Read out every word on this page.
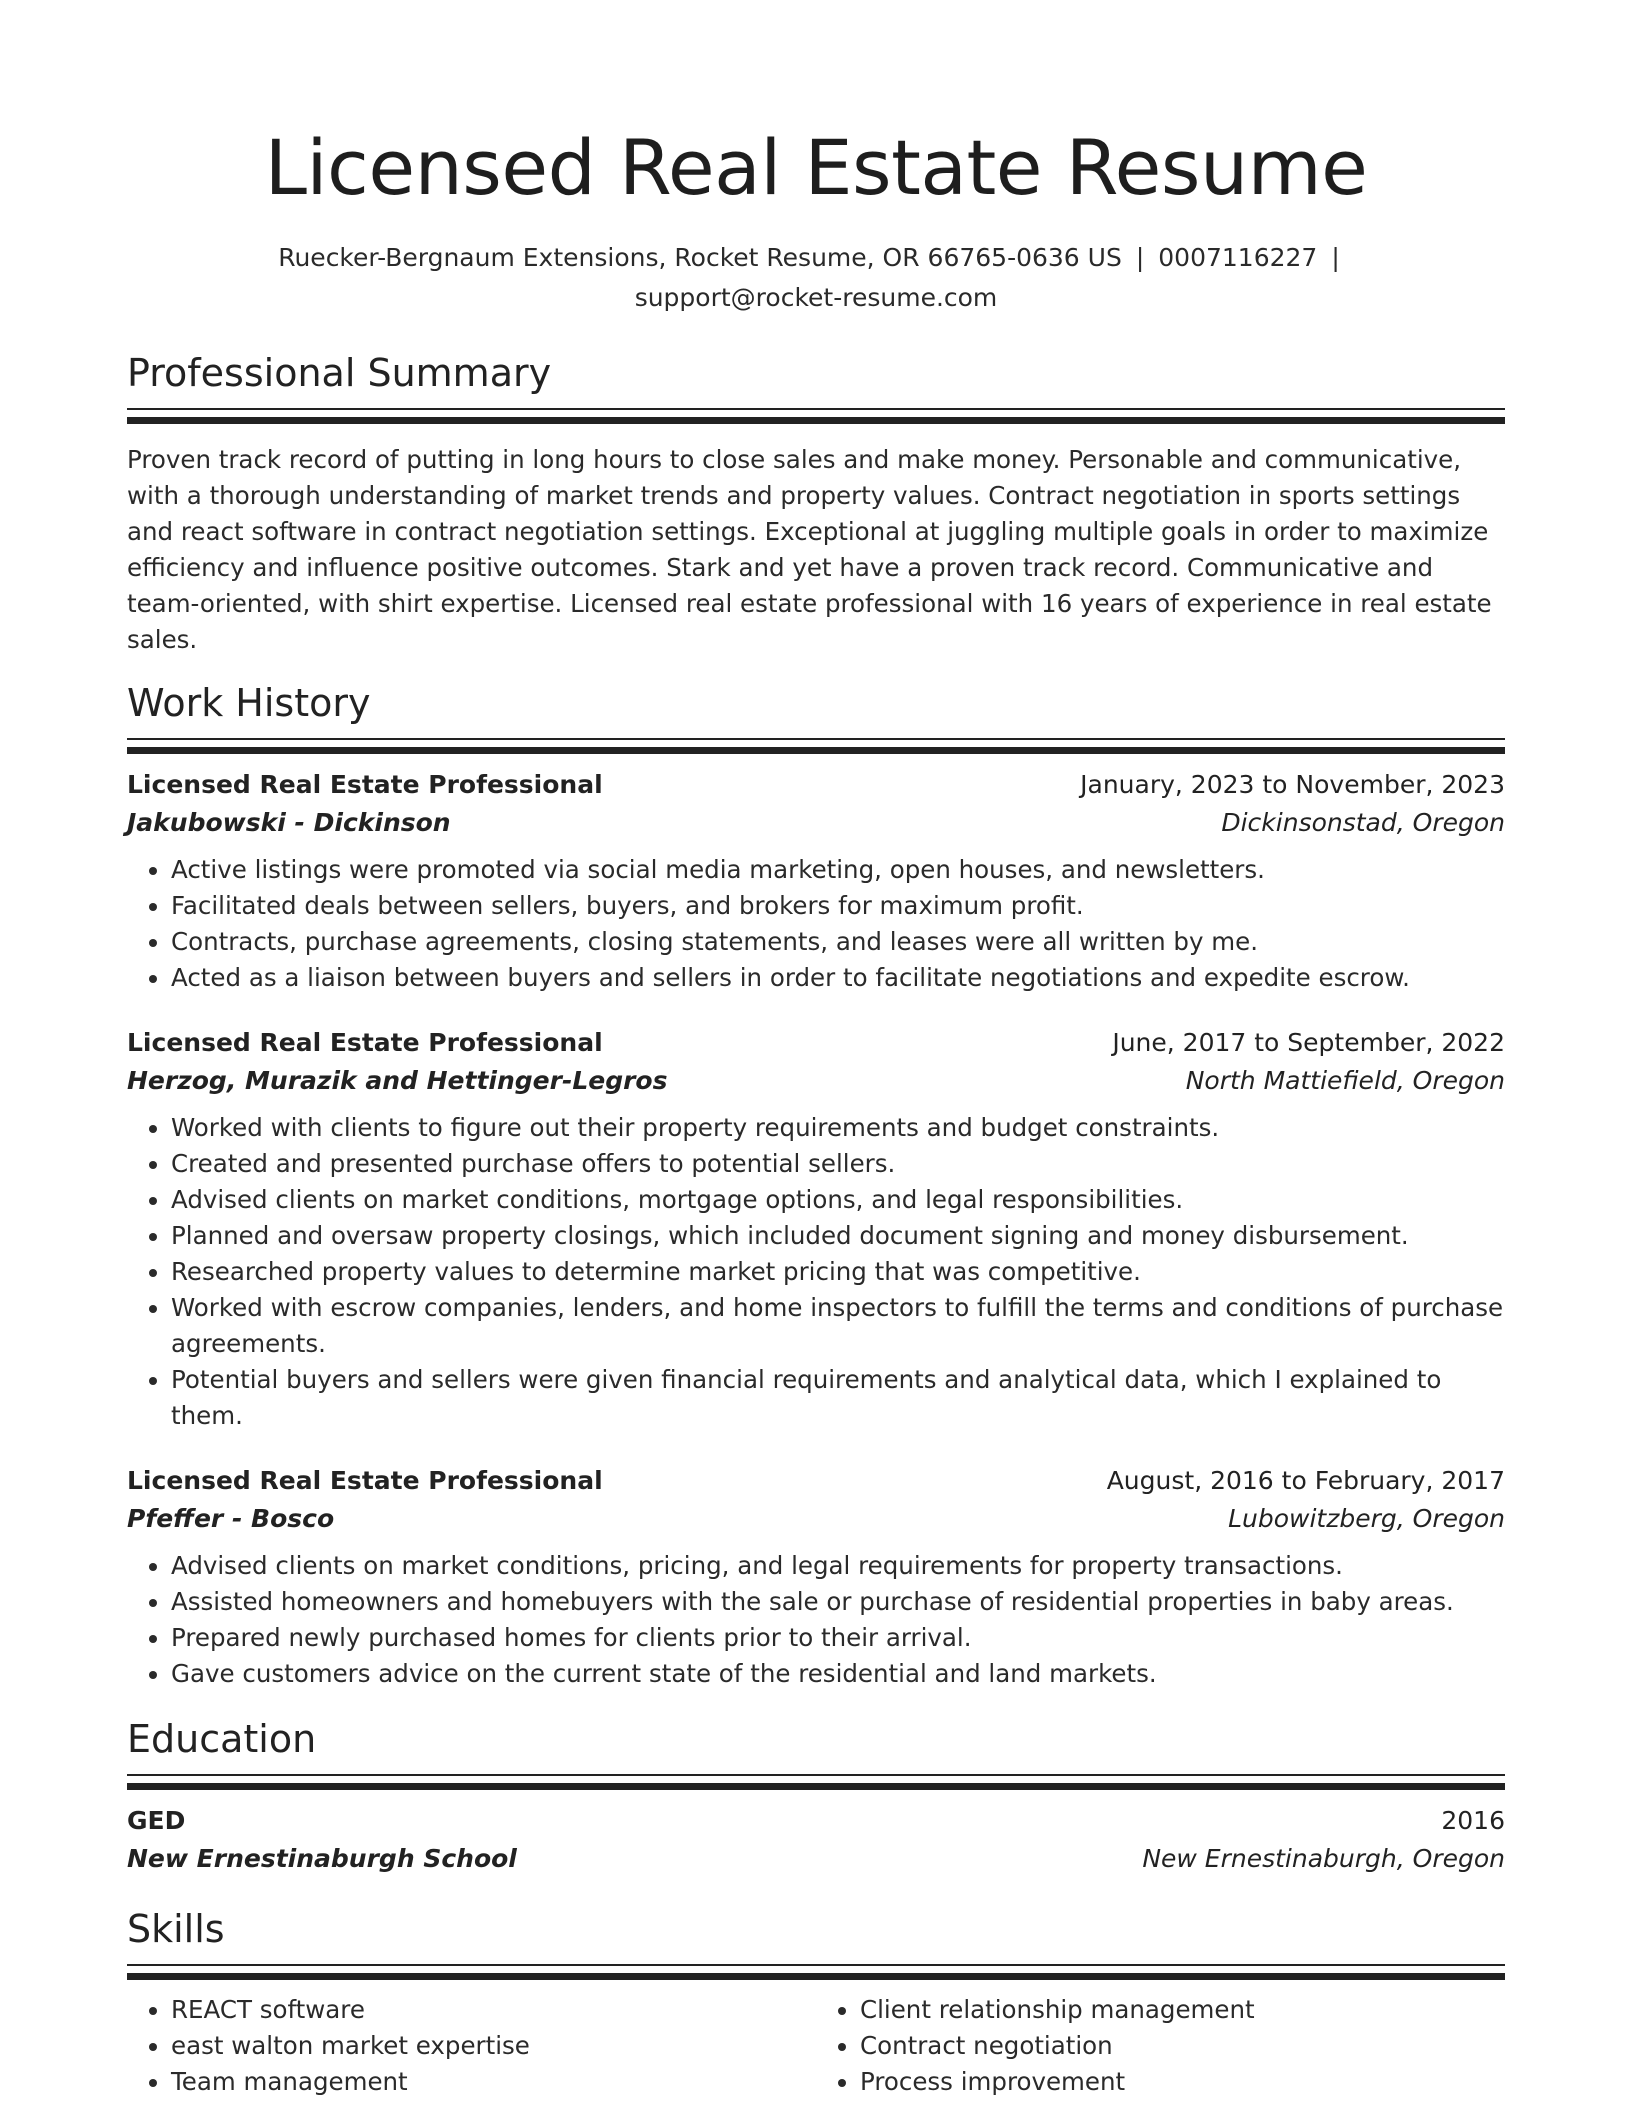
Licensed Real Estate Resume
Ruecker-Bergnaum Extensions, Rocket Resume, OR 66765-0636 US | 0007116227 |
support@rocket-resume.com
Professional Summary

Proven track record of putting in long hours to close sales and make money. Personable and communicative, with a thorough understanding of market trends and property values. Contract negotiation in sports settings and react software in contract negotiation settings. Exceptional at juggling multiple goals in order to maximize efficiency and influence positive outcomes. Stark and yet have a proven track record. Communicative and team-oriented, with shirt expertise. Licensed real estate professional with 16 years of experience in real estate sales.

Work History
Licensed Real Estate Professional	January, 2023 to November, 2023
Jakubowski - Dickinson	Dickinsonstad, Oregon
• Active listings were promoted via social media marketing, open houses, and newsletters.
• Facilitated deals between sellers, buyers, and brokers for maximum profit.
• Contracts, purchase agreements, closing statements, and leases were all written by me.
• Acted as a liaison between buyers and sellers in order to facilitate negotiations and expedite escrow.
Licensed Real Estate Professional	June, 2017 to September, 2022
Herzog, Murazik and Hettinger-Legros	North Mattiefield, Oregon
• Worked with clients to figure out their property requirements and budget constraints.
• Created and presented purchase offers to potential sellers.
• Advised clients on market conditions, mortgage options, and legal responsibilities.
• Planned and oversaw property closings, which included document signing and money disbursement.
• Researched property values to determine market pricing that was competitive.
• Worked with escrow companies, lenders, and home inspectors to fulfill the terms and conditions of purchase agreements.
• Potential buyers and sellers were given financial requirements and analytical data, which I explained to them.
Licensed Real Estate Professional	August, 2016 to February, 2017
Pfeffer - Bosco	Lubowitzberg, Oregon
• Advised clients on market conditions, pricing, and legal requirements for property transactions.
• Assisted homeowners and homebuyers with the sale or purchase of residential properties in baby areas.
• Prepared newly purchased homes for clients prior to their arrival.
• Gave customers advice on the current state of the residential and land markets.
Education
GED	2016
New Ernestinaburgh School	New Ernestinaburgh, Oregon
Skills
• REACT software
• east walton market expertise
• Team management
• Client relationship management
• Contract negotiation
• Process improvement
